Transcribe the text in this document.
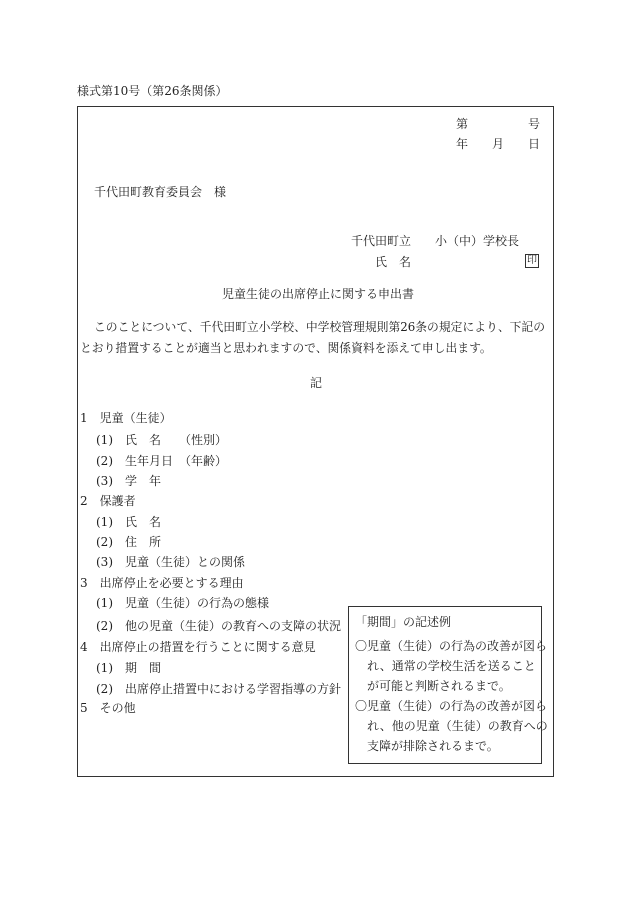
様式第10号（第26条関係）
第	号
年 月 日
千代田町教育委員会　様
千代田町立　　小（中）学校長
氏　名	印
児童生徒の出席停止に関する申出書
このことについて、千代田町立小学校、中学校管理規則第26条の規定により、下記の
とおり措置することが適当と思われますので、関係資料を添えて申し出ます。
記
1　児童（生徒）
(1)　氏　名　　（性別）
(2)　生年月日　（年齢）
(3)　学　年
2　保護者
(1)　氏　名
(2)　住　所
(3)　児童（生徒）との関係
3　出席停止を必要とする理由
(1)　児童（生徒）の行為の態様
(2)　他の児童（生徒）の教育への支障の状況
4　出席停止の措置を行うことに関する意見
(1)　期　間
(2)　出席停止措置中における学習指導の方針
5　その他
「期間」の記述例
〇児童（生徒）の行為の改善が図ら
　れ、通常の学校生活を送ること
　が可能と判断されるまで。
〇児童（生徒）の行為の改善が図ら
　れ、他の児童（生徒）の教育への
　支障が排除されるまで。
